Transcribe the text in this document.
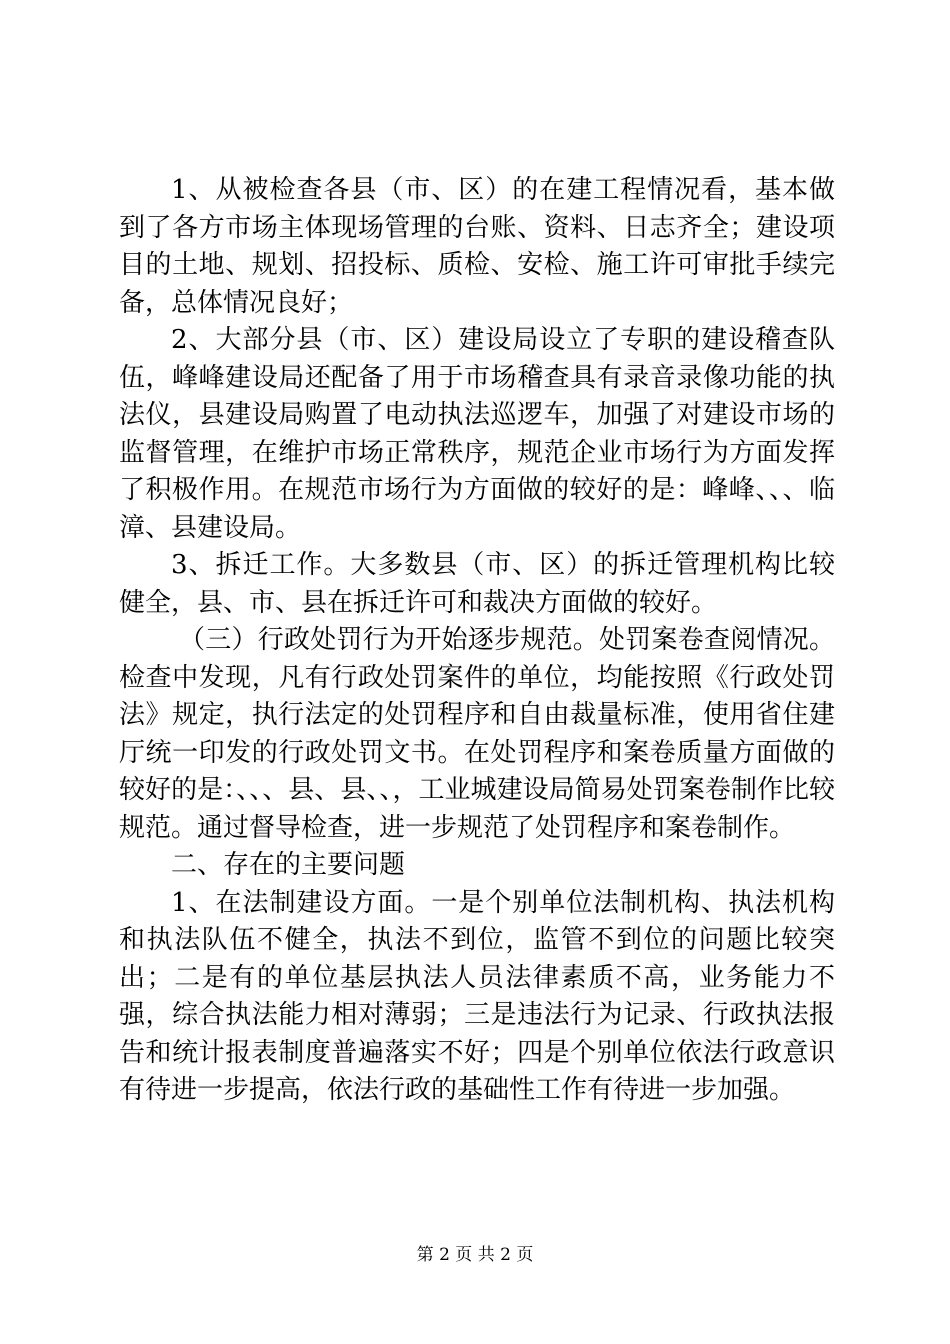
1、从被检查各县（市、区）的在建工程情况看，基本做到了各方市场主体现场管理的台账、资料、日志齐全；建设项目的土地、规划、招投标、质检、安检、施工许可审批手续完备，总体情况良好；

2、大部分县（市、区）建设局设立了专职的建设稽查队伍，峰峰建设局还配备了用于市场稽查具有录音录像功能的执法仪，县建设局购置了电动执法巡逻车，加强了对建设市场的监督管理，在维护市场正常秩序，规范企业市场行为方面发挥了积极作用。在规范市场行为方面做的较好的是：峰峰、、、临漳、县建设局。

3、拆迁工作。大多数县（市、区）的拆迁管理机构比较健全，县、市、县在拆迁许可和裁决方面做的较好。

（三）行政处罚行为开始逐步规范。处罚案卷查阅情况。检查中发现，凡有行政处罚案件的单位，均能按照《行政处罚法》规定，执行法定的处罚程序和自由裁量标准，使用省住建厅统一印发的行政处罚文书。在处罚程序和案卷质量方面做的较好的是：、、、县、县、、，工业城建设局简易处罚案卷制作比较规范。通过督导检查，进一步规范了处罚程序和案卷制作。

二、存在的主要问题

1、在法制建设方面。一是个别单位法制机构、执法机构和执法队伍不健全，执法不到位，监管不到位的问题比较突出；二是有的单位基层执法人员法律素质不高，业务能力不强，综合执法能力相对薄弱；三是违法行为记录、行政执法报告和统计报表制度普遍落实不好；四是个别单位依法行政意识有待进一步提高，依法行政的基础性工作有待进一步加强。

第 2 页 共 2 页
